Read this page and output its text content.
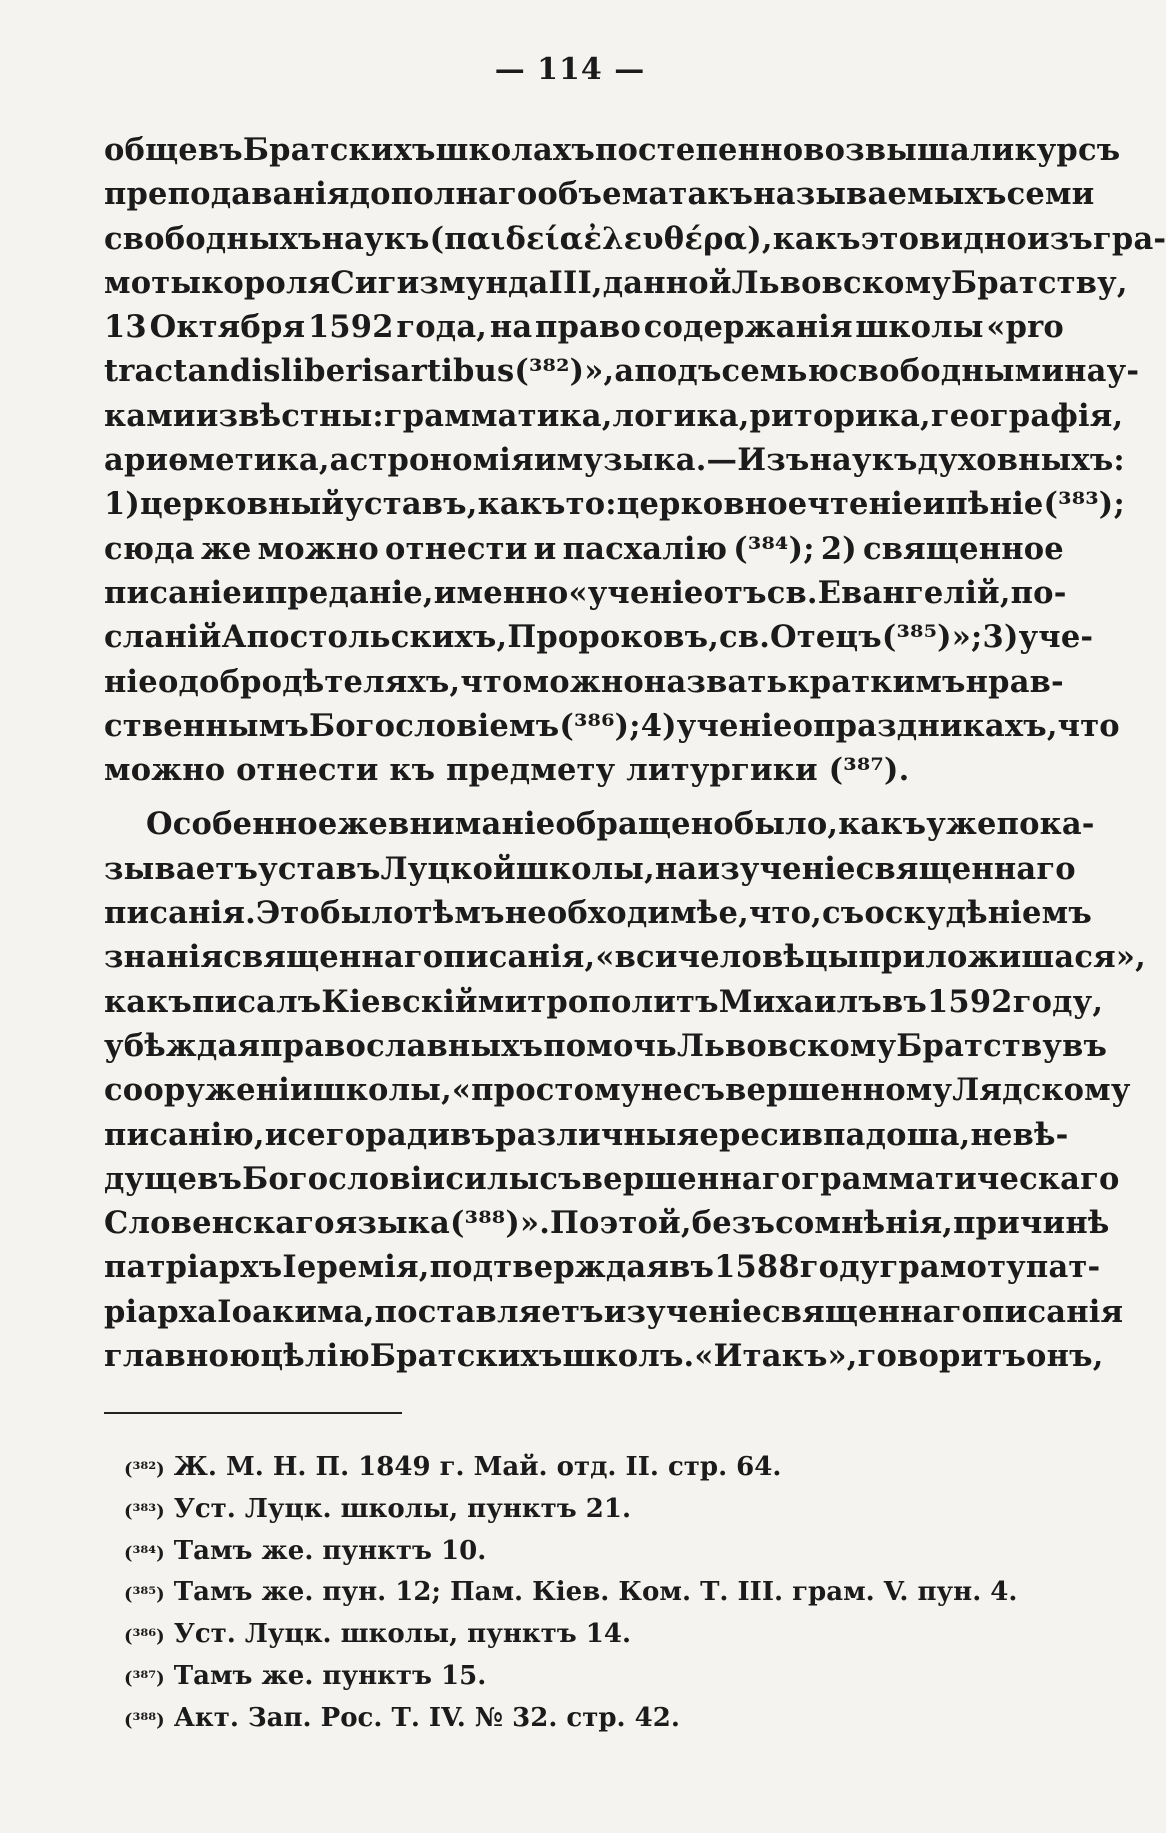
— 114 —
обще въ Братскихъ школахъ постепенно возвышали курсъ
преподаванія до полнаго объема такъ называемыхъ семи
свободныхъ наукъ (παιδεία ἐλευθέρα), какъ это видно изъ гра-
моты короля Сигизмунда III, данной Львовскому Братству,
13 Октября 1592 года, на право содержанія школы «pro
tractandis liberis artibus (³⁸²)», а подъ семью свободными нау-
ками извѣстны: грамматика, логика, риторика, географія,
ариѳметика, астрономія и музыка. — Изъ наукъ духовныхъ:
1) церковный уставъ, какъ то: церковное чтеніе и пѣніе (³⁸³);
сюда же можно отнести и пасхалію (³⁸⁴); 2) священное
писаніе и преданіе, именно «ученіе отъ св. Евангелій, по-
сланій Апостольскихъ, Пророковъ, св. Отецъ (³⁸⁵)»; 3) уче-
ніе о добродѣтеляхъ, что можно назвать краткимъ нрав-
ственнымъ Богословіемъ (³⁸⁶); 4) ученіе о праздникахъ, что
можно отнести къ предмету литургики (³⁸⁷).
Особенное же вниманіе обращено было, какъ уже пока-
зываетъ уставъ Луцкой школы, на изученіе священнаго
писанія. Это было тѣмъ необходимѣе, что, съ оскудѣніемъ
знанія священнаго писанія, «вси человѣцы приложишася»,
какъ писалъ Кіевскій митрополитъ Михаилъ въ 1592 году,
убѣждая православныхъ помочь Львовскому Братству въ
сооруженіи школы, «простому несъвершенному Лядскому
писанію, и сего ради въ различныя ереси впадоша, не вѣ-
дуще въ Богословіи силы съвершеннаго грамматическаго
Словенскаго языка (³⁸⁸)». По этой, безъ сомнѣнія, причинѣ
патріархъ Іеремія, подтверждая въ 1588 году грамоту пат-
ріарха Іоакима, поставляетъ изученіе священнаго писанія
главною цѣлію Братскихъ школъ. «И такъ», говоритъ онъ,
(³⁸²) Ж. М. Н. П. 1849 г. Май. отд. II. стр. 64.
(³⁸³) Уст. Луцк. школы, пунктъ 21.
(³⁸⁴) Тамъ же. пунктъ 10.
(³⁸⁵) Тамъ же. пун. 12; Пам. Кіев. Ком. Т. III. грам. V. пун. 4.
(³⁸⁶) Уст. Луцк. школы, пунктъ 14.
(³⁸⁷) Тамъ же. пунктъ 15.
(³⁸⁸) Акт. Зап. Рос. Т. IV. № 32. стр. 42.
